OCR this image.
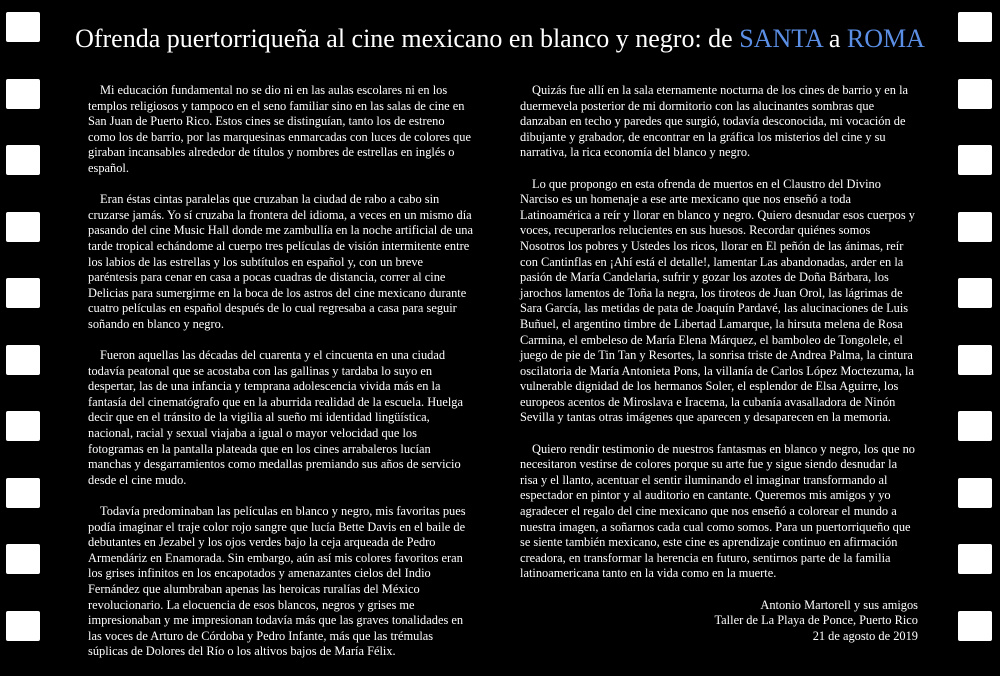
Ofrenda puertorriqueña al cine mexicano en blanco y negro: de SANTA a ROMA

Mi educación fundamental no se dio ni en las aulas escolares ni en los templos religiosos y tampoco en el seno familiar sino en las salas de cine en San Juan de Puerto Rico. Estos cines se distinguían, tanto los de estreno como los de barrio, por las marquesinas enmarcadas con luces de colores que giraban incansables alrededor de títulos y nombres de estrellas en inglés o español.

Eran éstas cintas paralelas que cruzaban la ciudad de rabo a cabo sin cruzarse jamás. Yo sí cruzaba la frontera del idioma, a veces en un mismo día pasando del cine Music Hall donde me zambullía en la noche artificial de una tarde tropical echándome al cuerpo tres películas de visión intermitente entre los labios de las estrellas y los subtítulos en español y, con un breve paréntesis para cenar en casa a pocas cuadras de distancia, correr al cine Delicias para sumergirme en la boca de los astros del cine mexicano durante cuatro películas en español después de lo cual regresaba a casa para seguir soñando en blanco y negro.

Fueron aquellas las décadas del cuarenta y el cincuenta en una ciudad todavía peatonal que se acostaba con las gallinas y tardaba lo suyo en despertar, las de una infancia y temprana adolescencia vivida más en la fantasía del cinematógrafo que en la aburrida realidad de la escuela. Huelga decir que en el tránsito de la vigilia al sueño mi identidad lingüística, nacional, racial y sexual viajaba a igual o mayor velocidad que los fotogramas en la pantalla plateada que en los cines arrabaleros lucían manchas y desgarramientos como medallas premiando sus años de servicio desde el cine mudo.

Todavía predominaban las películas en blanco y negro, mis favoritas pues podía imaginar el traje color rojo sangre que lucía Bette Davis en el baile de debutantes en Jezabel y los ojos verdes bajo la ceja arqueada de Pedro Armendáriz en Enamorada. Sin embargo, aún así mis colores favoritos eran los grises infinitos en los encapotados y amenazantes cielos del Indio Fernández que alumbraban apenas las heroicas ruralías del México revolucionario. La elocuencia de esos blancos, negros y grises me impresionaban y me impresionan todavía más que las graves tonalidades en las voces de Arturo de Córdoba y Pedro Infante, más que las trémulas súplicas de Dolores del Río o los altivos bajos de María Félix.

Quizás fue allí en la sala eternamente nocturna de los cines de barrio y en la duermevela posterior de mi dormitorio con las alucinantes sombras que danzaban en techo y paredes que surgió, todavía desconocida, mi vocación de dibujante y grabador, de encontrar en la gráfica los misterios del cine y su narrativa, la rica economía del blanco y negro.

Lo que propongo en esta ofrenda de muertos en el Claustro del Divino Narciso es un homenaje a ese arte mexicano que nos enseñó a toda Latinoamérica a reír y llorar en blanco y negro. Quiero desnudar esos cuerpos y voces, recuperarlos relucientes en sus huesos. Recordar quiénes somos Nosotros los pobres y Ustedes los ricos, llorar en El peñón de las ánimas, reír con Cantinflas en ¡Ahí está el detalle!, lamentar Las abandonadas, arder en la pasión de María Candelaria, sufrir y gozar los azotes de Doña Bárbara, los jarochos lamentos de Toña la negra, los tiroteos de Juan Orol, las lágrimas de Sara García, las metidas de pata de Joaquín Pardavé, las alucinaciones de Luis Buñuel, el argentino timbre de Libertad Lamarque, la hirsuta melena de Rosa Carmina, el embeleso de María Elena Márquez, el bamboleo de Tongolele, el juego de pie de Tin Tan y Resortes, la sonrisa triste de Andrea Palma, la cintura oscilatoria de María Antonieta Pons, la villanía de Carlos López Moctezuma, la vulnerable dignidad de los hermanos Soler, el esplendor de Elsa Aguirre, los europeos acentos de Miroslava e Iracema, la cubanía avasalladora de Ninón Sevilla y tantas otras imágenes que aparecen y desaparecen en la memoria.

Quiero rendir testimonio de nuestros fantasmas en blanco y negro, los que no necesitaron vestirse de colores porque su arte fue y sigue siendo desnudar la risa y el llanto, acentuar el sentir iluminando el imaginar transformando al espectador en pintor y al auditorio en cantante. Queremos mis amigos y yo agradecer el regalo del cine mexicano que nos enseñó a colorear el mundo a nuestra imagen, a soñarnos cada cual como somos. Para un puertorriqueño que se siente también mexicano, este cine es aprendizaje continuo en afirmación creadora, en transformar la herencia en futuro, sentirnos parte de la familia latinoamericana tanto en la vida como en la muerte.

Antonio Martorell y sus amigos
Taller de La Playa de Ponce, Puerto Rico
21 de agosto de 2019
